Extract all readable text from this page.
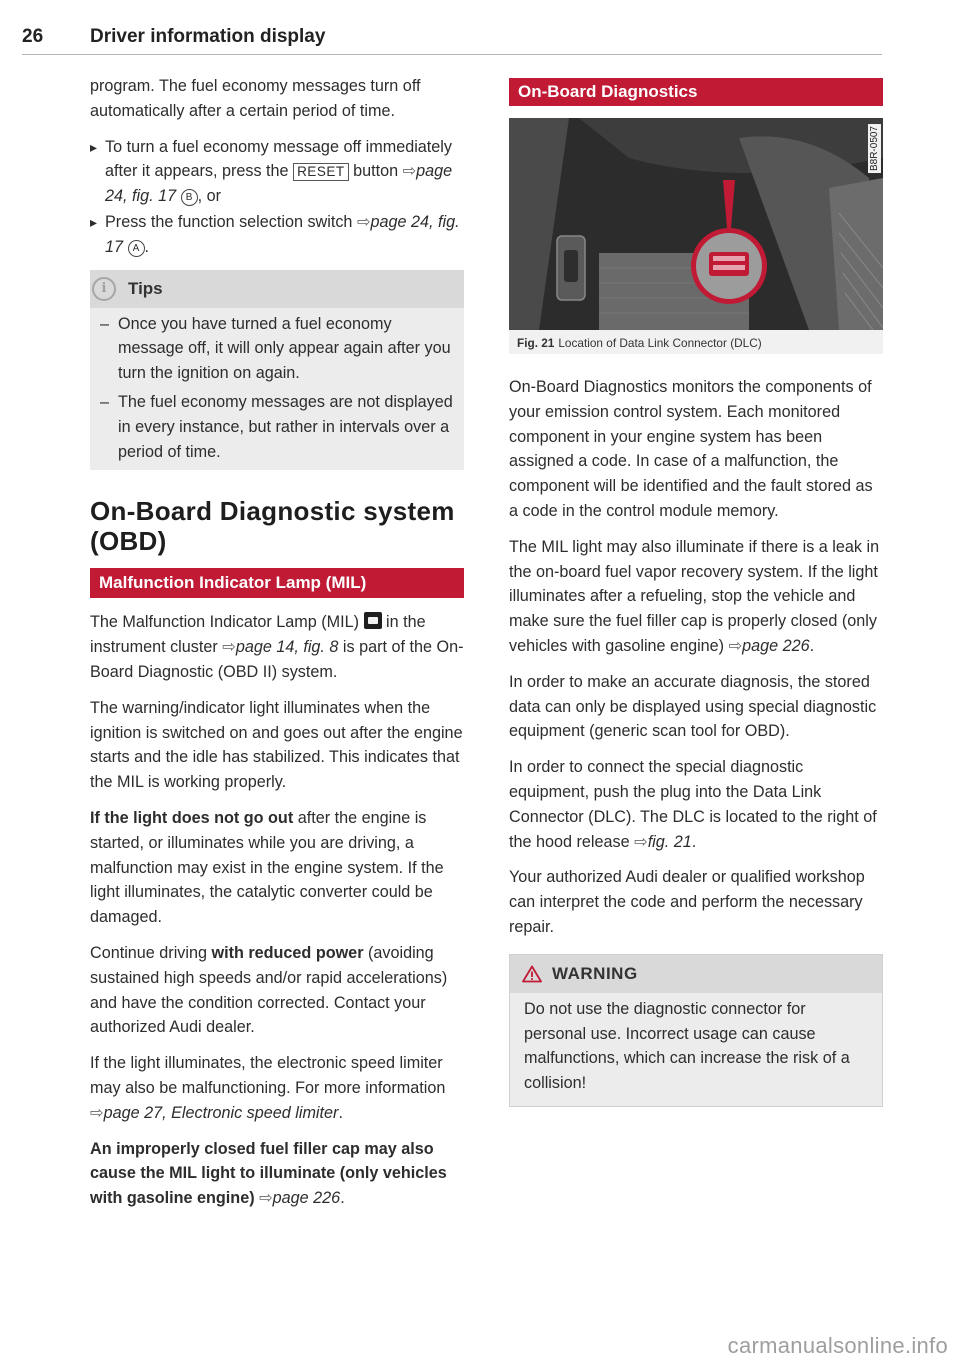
26 Driver information display

program. The fuel economy messages turn off automatically after a certain period of time.

▸ To turn a fuel economy message off immediately after it appears, press the RESET button ⇨page 24, fig. 17 B , or
▸ Press the function selection switch ⇨page 24, fig. 17 A .
i	Tips
– Once you have turned a fuel economy message off, it will only appear again after you turn the ignition on again.
– The fuel economy messages are not displayed in every instance, but rather in intervals over a period of time.
On-Board Diagnostic system (OBD)
Malfunction Indicator Lamp (MIL)

The Malfunction Indicator Lamp (MIL)  in the instrument cluster ⇨page 14, fig. 8 is part of the On-Board Diagnostic (OBD II) system.

The warning/indicator light illuminates when the ignition is switched on and goes out after the engine starts and the idle has stabilized. This indicates that the MIL is working properly.

If the light does not go out after the engine is started, or illuminates while you are driving, a malfunction may exist in the engine system. If the light illuminates, the catalytic converter could be damaged.

Continue driving with reduced power (avoiding sustained high speeds and/or rapid accelerations) and have the condition corrected. Contact your authorized Audi dealer.

If the light illuminates, the electronic speed limiter may also be malfunctioning. For more information ⇨page 27, Electronic speed limiter.

An improperly closed fuel filler cap may also cause the MIL light to illuminate (only vehicles with gasoline engine) ⇨page 226.

On-Board Diagnostics
B8R-0507
Fig. 21 Location of Data Link Connector (DLC)

On-Board Diagnostics monitors the components of your emission control system. Each monitored component in your engine system has been assigned a code. In case of a malfunction, the component will be identified and the fault stored as a code in the control module memory.

The MIL light may also illuminate if there is a leak in the on-board fuel vapor recovery system. If the light illuminates after a refueling, stop the vehicle and make sure the fuel filler cap is properly closed (only vehicles with gasoline engine) ⇨page 226.

In order to make an accurate diagnosis, the stored data can only be displayed using special diagnostic equipment (generic scan tool for OBD).

In order to connect the special diagnostic equipment, push the plug into the Data Link Connector (DLC). The DLC is located to the right of the hood release ⇨fig. 21.

Your authorized Audi dealer or qualified workshop can interpret the code and perform the necessary repair.

WARNING
Do not use the diagnostic connector for personal use. Incorrect usage can cause malfunctions, which can increase the risk of a collision!
carmanualsonline.info
